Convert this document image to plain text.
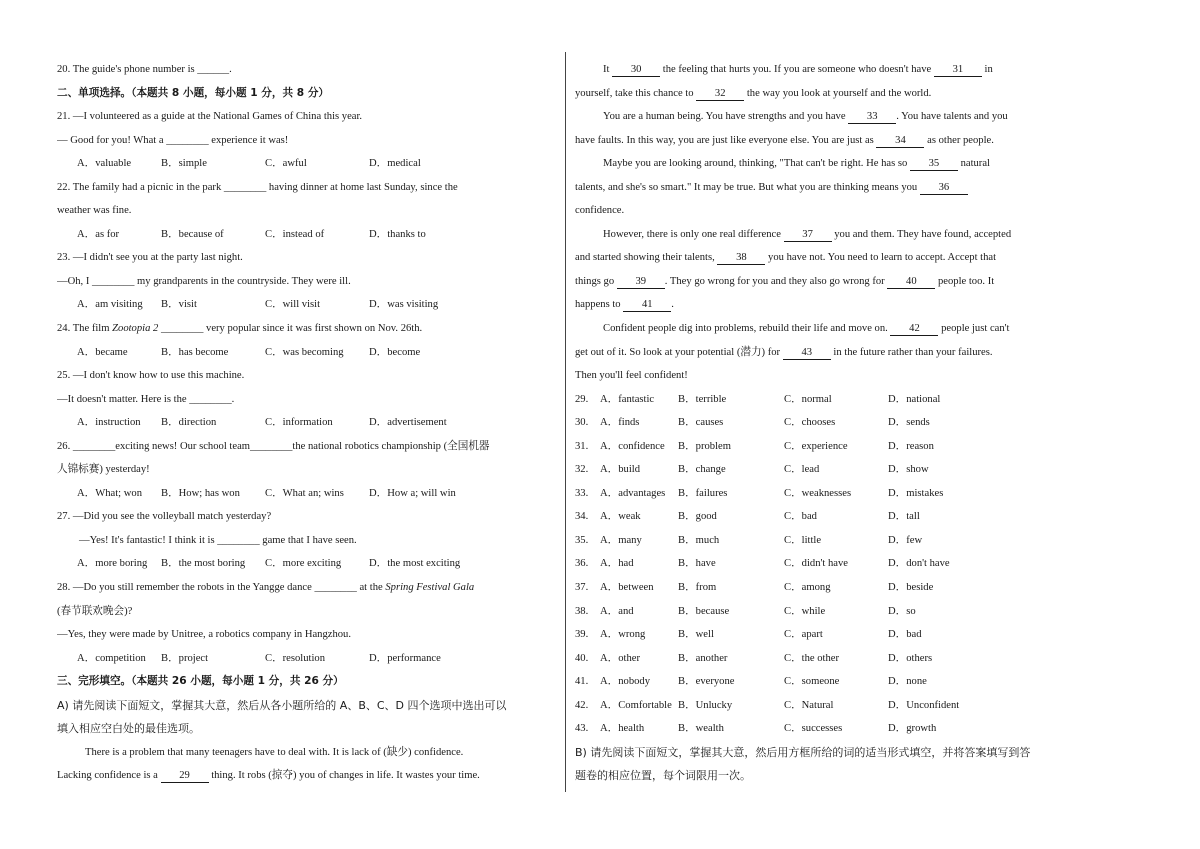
20. The guide's phone number is ______.
二、单项选择。（本题共 8 小题，每小题 1 分，共 8 分）
21. —I volunteered as a guide at the National Games of China this year.
— Good for you! What a ________ experience it was!
A．valuable	B．simple	C．awful	D．medical
22. The family had a picnic in the park ________ having dinner at home last Sunday, since the
weather was fine.
A．as for	B．because of	C．instead of	D．thanks to
23. —I didn't see you at the party last night.
—Oh, I ________ my grandparents in the countryside. They were ill.
A．am visiting B．visit	C．will visit	D．was visiting
24. The film Zootopia 2 ________ very popular since it was first shown on Nov. 26th.
A．became	B．has become	C．was becoming D．become
25. —I don't know how to use this machine.
—It doesn't matter. Here is the ________.
A．instruction B．direction	C．information	D．advertisement
26. ________exciting news! Our school team________the national robotics championship (全国机器
人锦标赛) yesterday!
A．What; won B．How; has won C．What an; wins D．How a; will win
27. —Did you see the volleyball match yesterday?
—Yes! It's fantastic! I think it is ________ game that I have seen.
A．more boring B．the most boring C．more exciting	D．the most exciting
28. —Do you still remember the robots in the Yangge dance ________ at the Spring Festival Gala
(春节联欢晚会)?
—Yes, they were made by Unitree, a robotics company in Hangzhou.
A．competition B．project	C．resolution	D．performance
三、完形填空。（本题共 26 小题，每小题 1 分，共 26 分）
A) 请先阅读下面短文，掌握其大意，然后从各小题所给的 A、B、C、D 四个选项中选出可以
填入相应空白处的最佳选项。
There is a problem that many teenagers have to deal with. It is lack of (缺少) confidence.
Lacking confidence is a 29 thing. It robs (掠夺) you of changes in life. It wastes your time.
It 30 the feeling that hurts you. If you are someone who doesn't have 31 in
yourself, take this chance to 32 the way you look at yourself and the world.
You are a human being. You have strengths and you have 33 . You have talents and you
have faults. In this way, you are just like everyone else. You are just as 34 as other people.
Maybe you are looking around, thinking, "That can't be right. He has so 35 natural
talents, and she's so smart." It may be true. But what you are thinking means you 36
confidence.
However, there is only one real difference 37 you and them. They have found, accepted
and started showing their talents, 38 you have not. You need to learn to accept. Accept that
things go 39 . They go wrong for you and they also go wrong for 40 people too. It
happens to 41 .
Confident people dig into problems, rebuild their life and move on. 42 people just can't
get out of it. So look at your potential (潜力) for 43 in the future rather than your failures.
Then you'll feel confident!
29. A．fantastic B．terrible	C．normal	D．national
30. A．finds	B．causes	C．chooses	D．sends
31. A．confidence B．problem	C．experience	D．reason
32. A．build	B．change	C．lead	D．show
33. A．advantages B．failures	C．weaknesses	D．mistakes
34. A．weak	B．good	C．bad	D．tall
35. A．many	B．much	C．little	D．few
36. A．had	B．have	C．didn't have	D．don't have
37. A．between B．from	C．among	D．beside
38. A．and	B．because	C．while	D．so
39. A．wrong	B．well	C．apart	D．bad
40. A．other	B．another	C．the other	D．others
41. A．nobody	B．everyone	C．someone	D．none
42. A．Comfortable B．Unlucky	C．Natural	D．Unconfident
43. A．health	B．wealth	C．successes	D．growth
B) 请先阅读下面短文，掌握其大意，然后用方框所给的词的适当形式填空，并将答案填写到答
题卷的相应位置，每个词限用一次。
